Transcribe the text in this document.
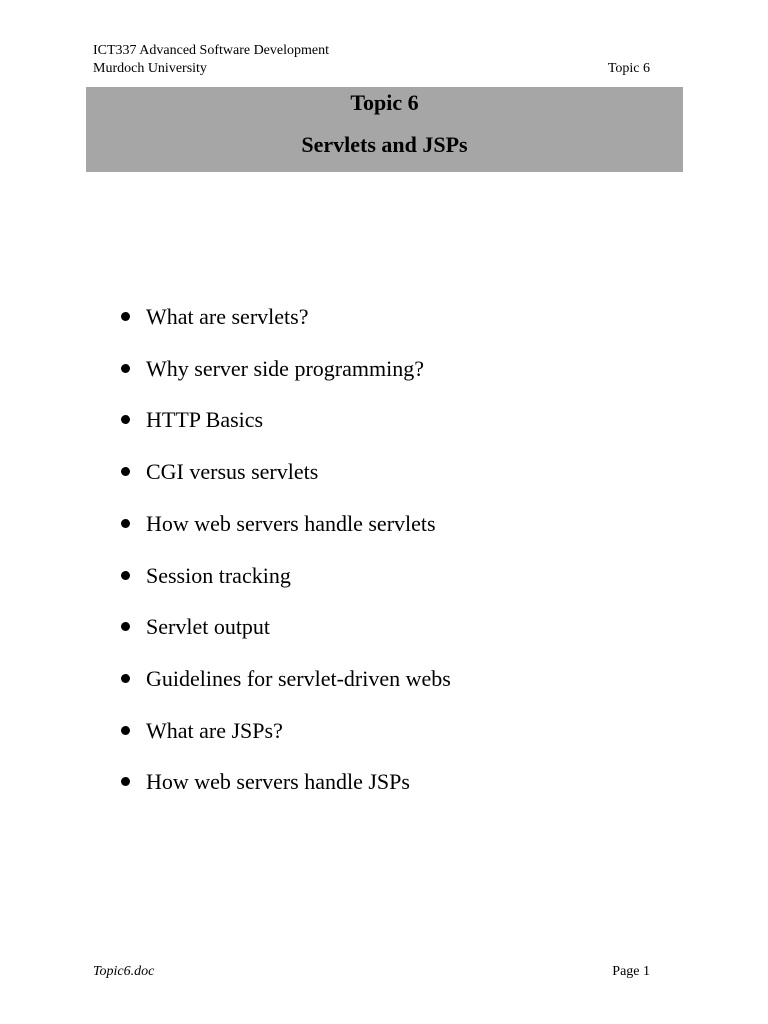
ICT337 Advanced Software Development
Murdoch University	Topic 6
Topic 6
Servlets and JSPs
What are servlets?
Why server side programming?
HTTP Basics
CGI versus servlets
How web servers handle servlets
Session tracking
Servlet output
Guidelines for servlet-driven webs
What are JSPs?
How web servers handle JSPs
Topic6.doc	Page 1
